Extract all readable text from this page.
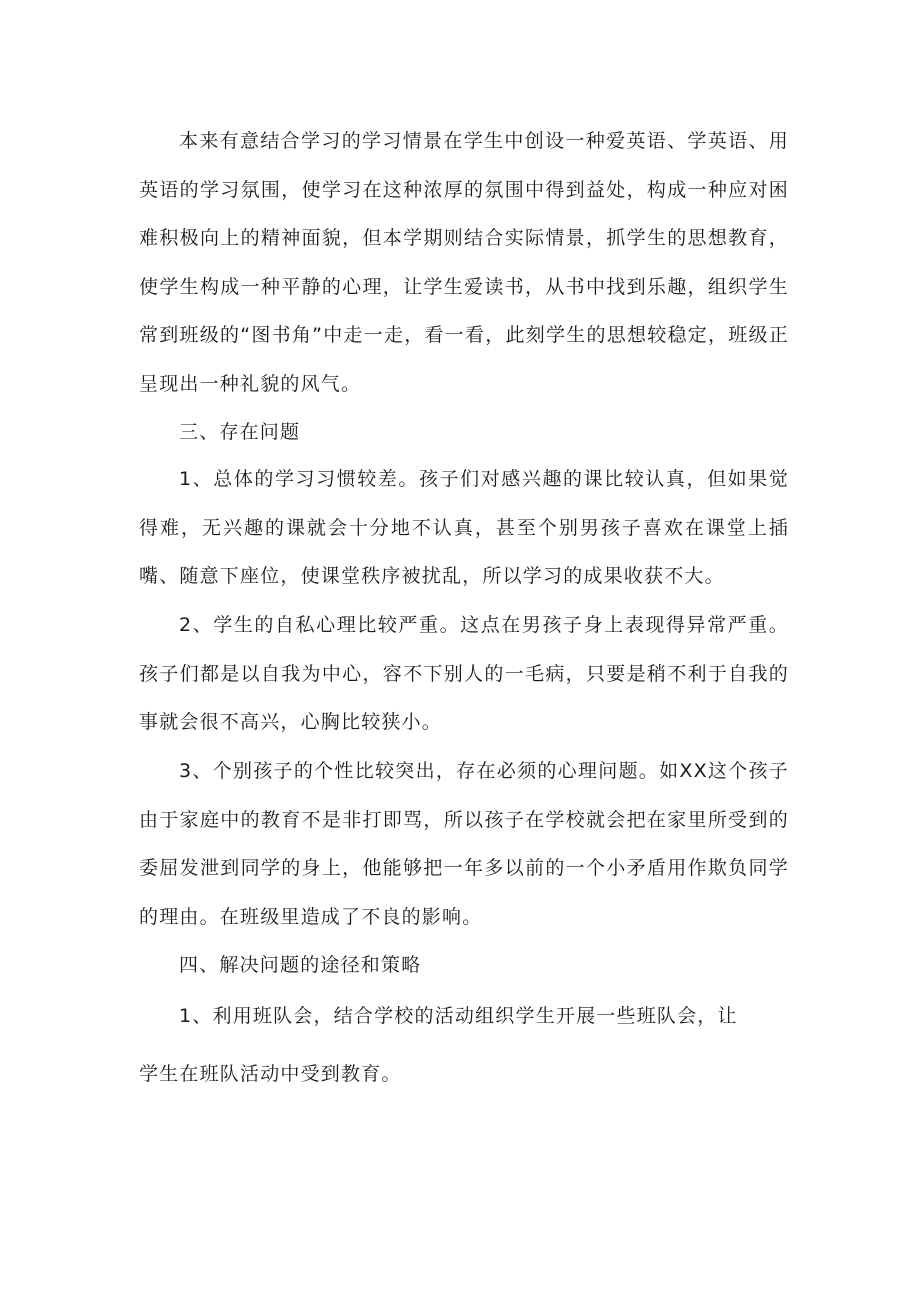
本来有意结合学习的学习情景在学生中创设一种爱英语、学英语、用英语的学习氛围，使学习在这种浓厚的氛围中得到益处，构成一种应对困难积极向上的精神面貌，但本学期则结合实际情景，抓学生的思想教育，使学生构成一种平静的心理，让学生爱读书，从书中找到乐趣，组织学生常到班级的“图书角”中走一走，看一看，此刻学生的思想较稳定，班级正呈现出一种礼貌的风气。

三、存在问题

1、总体的学习习惯较差。孩子们对感兴趣的课比较认真，但如果觉得难，无兴趣的课就会十分地不认真，甚至个别男孩子喜欢在课堂上插嘴、随意下座位，使课堂秩序被扰乱，所以学习的成果收获不大。

2、学生的自私心理比较严重。这点在男孩子身上表现得异常严重。孩子们都是以自我为中心，容不下别人的一毛病，只要是稍不利于自我的事就会很不高兴，心胸比较狭小。

3、个别孩子的个性比较突出，存在必须的心理问题。如XX这个孩子由于家庭中的教育不是非打即骂，所以孩子在学校就会把在家里所受到的委屈发泄到同学的身上，他能够把一年多以前的一个小矛盾用作欺负同学的理由。在班级里造成了不良的影响。

四、解决问题的途径和策略

1、利用班队会，结合学校的活动组织学生开展一些班队会，让

学生在班队活动中受到教育。
